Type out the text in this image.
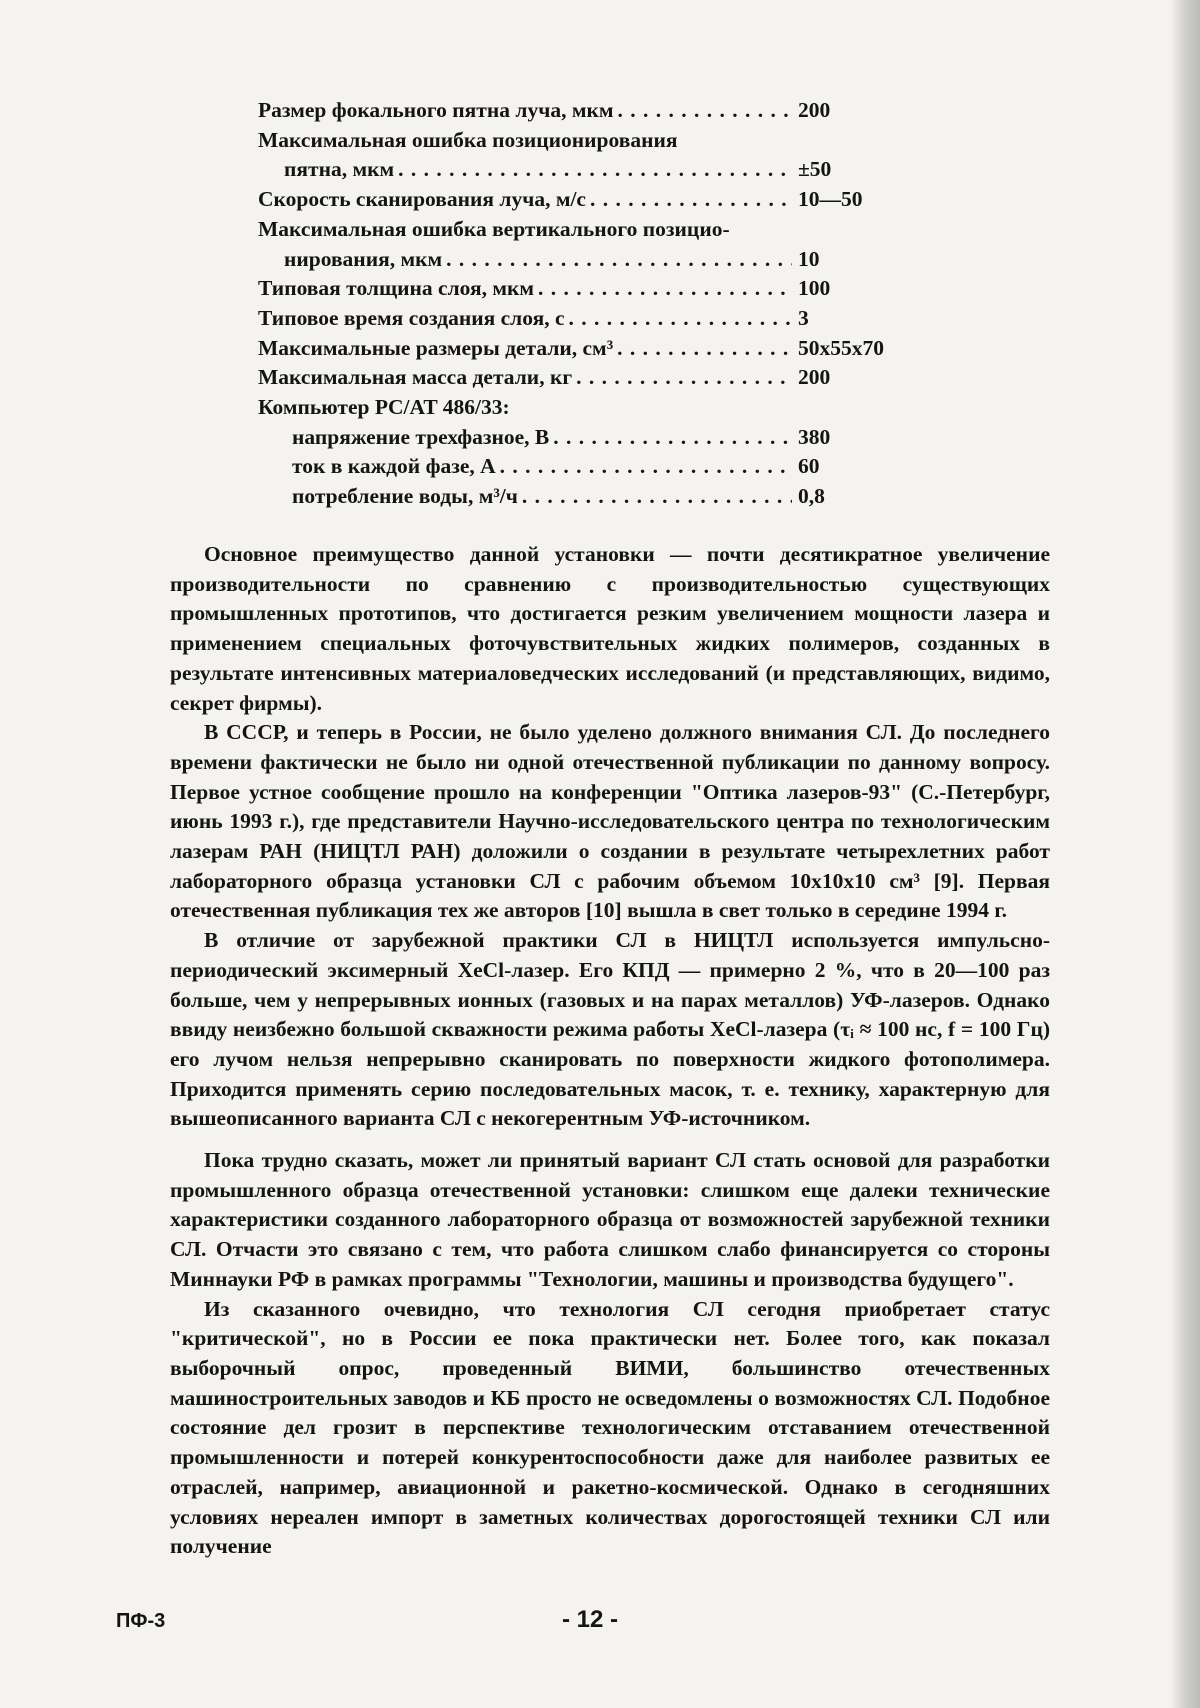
Размер фокального пятна луча, мкм . . .	200
Максимальная ошибка позиционирования
пятна, мкм . . .	±50
Скорость сканирования луча, м/с . . .	10—50
Максимальная ошибка вертикального позицио-
нирования, мкм . . .	10
Типовая толщина слоя, мкм . . .	100
Типовое время создания слоя, с . . .	3
Максимальные размеры детали, см³ . . .	50x55x70
Максимальная масса детали, кг . . .	200
Компьютер PC/AT 486/33:
напряжение трехфазное, В . . .	380
ток в каждой фазе, А . . .	60
потребление воды, м³/ч . . .	0,8

Основное преимущество данной установки — почти десятикратное увеличение производительности по сравнению с производительностью существующих промышленных прототипов, что достигается резким увеличением мощности лазера и применением специальных фоточувствительных жидких полимеров, созданных в результате интенсивных материаловедческих исследований (и представляющих, видимо, секрет фирмы).

В СССР, и теперь в России, не было уделено должного внимания СЛ. До последнего времени фактически не было ни одной отечественной публикации по данному вопросу. Первое устное сообщение прошло на конференции "Оптика лазеров-93" (С.-Петербург, июнь 1993 г.), где представители Научно-исследовательского центра по технологическим лазерам РАН (НИЦТЛ РАН) доложили о создании в результате четырехлетних работ лабораторного образца установки СЛ с рабочим объемом 10x10x10 см³ [9]. Первая отечественная публикация тех же авторов [10] вышла в свет только в середине 1994 г.

В отличие от зарубежной практики СЛ в НИЦТЛ используется импульсно-периодический эксимерный XeCl-лазер. Его КПД — примерно 2 %, что в 20—100 раз больше, чем у непрерывных ионных (газовых и на парах металлов) УФ-лазеров. Однако ввиду неизбежно большой скважности режима работы XeCl-лазера (τᵢ ≈ 100 нс, f = 100 Гц) его лучом нельзя непрерывно сканировать по поверхности жидкого фотополимера. Приходится применять серию последовательных масок, т. е. технику, характерную для вышеописанного варианта СЛ с некогерентным УФ-источником.

Пока трудно сказать, может ли принятый вариант СЛ стать основой для разработки промышленного образца отечественной установки: слишком еще далеки технические характеристики созданного лабораторного образца от возможностей зарубежной техники СЛ. Отчасти это связано с тем, что работа слишком слабо финансируется со стороны Миннауки РФ в рамках программы "Технологии, машины и производства будущего".

Из сказанного очевидно, что технология СЛ сегодня приобретает статус "критической", но в России ее пока практически нет. Более того, как показал выборочный опрос, проведенный ВИМИ, большинство отечественных машиностроительных заводов и КБ просто не осведомлены о возможностях СЛ. Подобное состояние дел грозит в перспективе технологическим отставанием отечественной промышленности и потерей конкурентоспособности даже для наиболее развитых ее отраслей, например, авиационной и ракетно-космической. Однако в сегодняшних условиях нереален импорт в заметных количествах дорогостоящей техники СЛ или получение

ПФ-3	- 12 -
